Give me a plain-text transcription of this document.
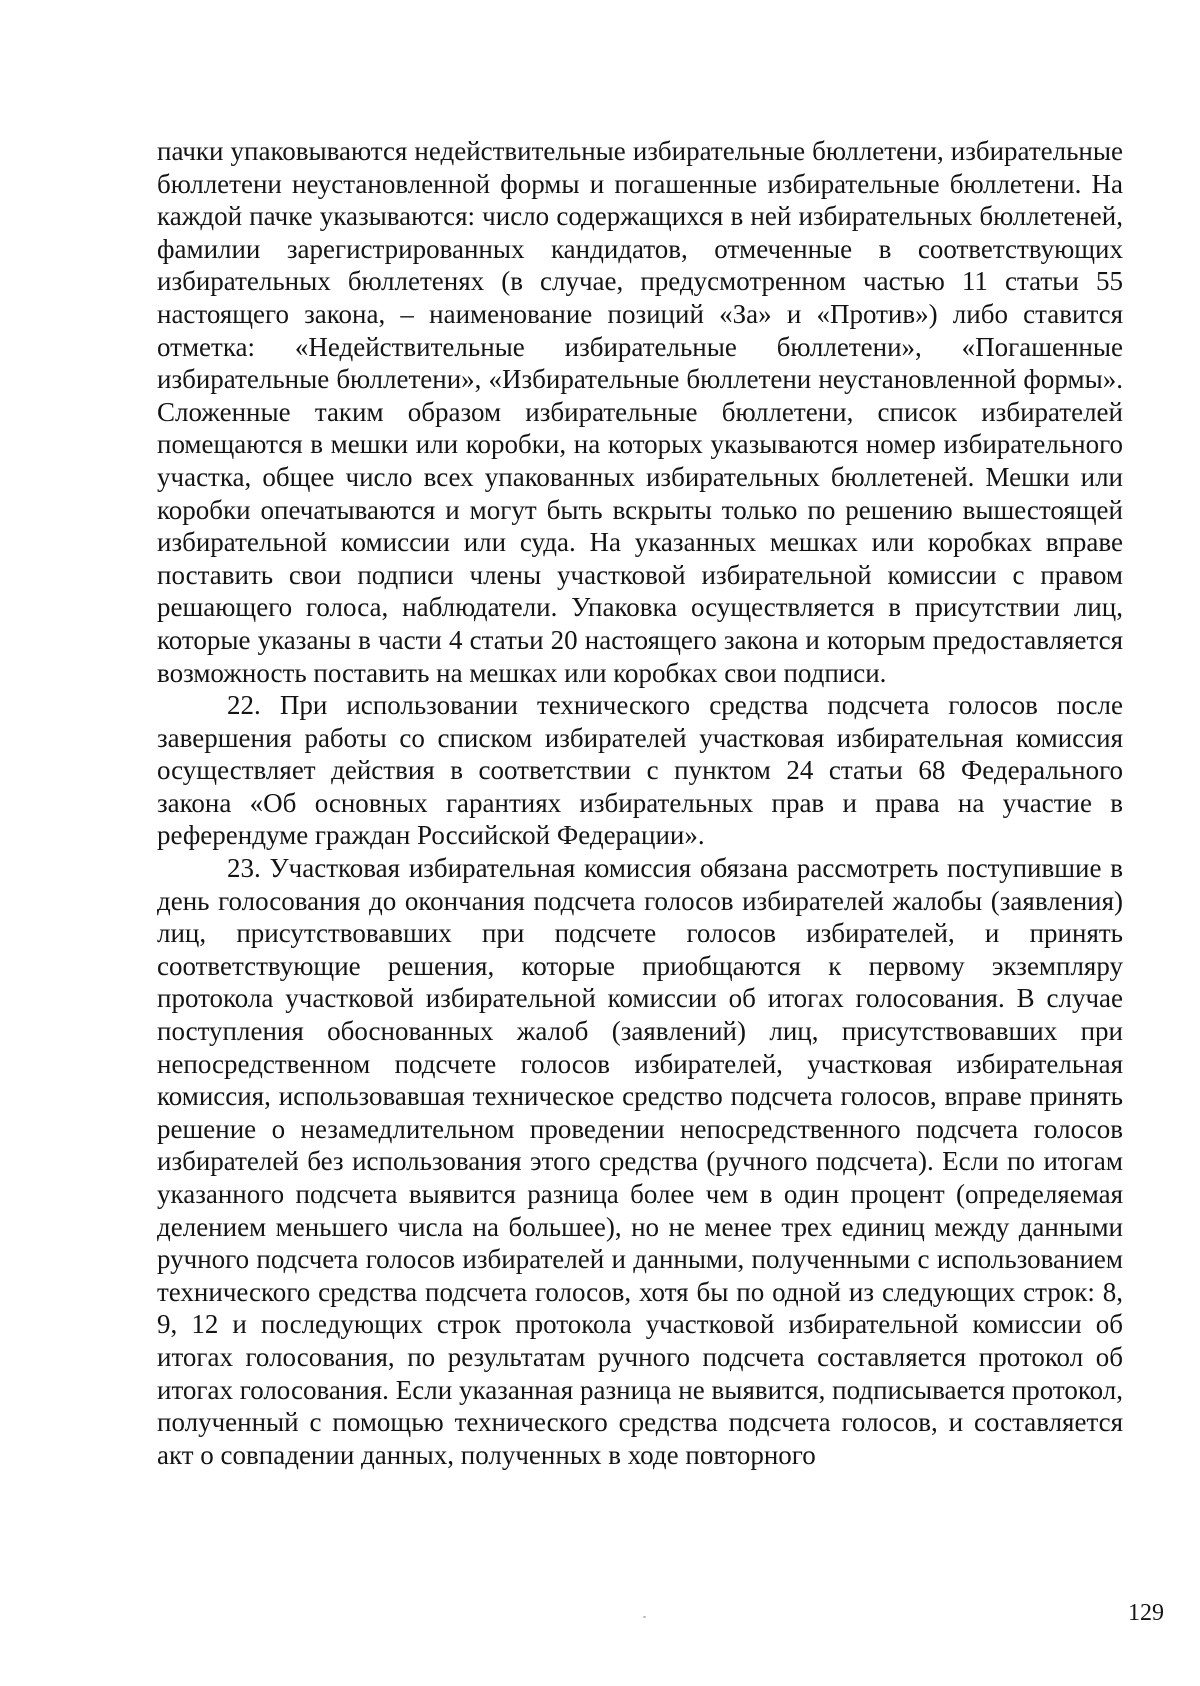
пачки упаковываются недействительные избирательные бюллетени, избирательные бюллетени неустановленной формы и погашенные избирательные бюллетени. На каждой пачке указываются: число содержащихся в ней избирательных бюллетеней, фамилии зарегистрированных кандидатов, отмеченные в соответствующих избирательных бюллетенях (в случае, предусмотренном частью 11 статьи 55 настоящего закона, – наименование позиций «За» и «Против») либо ставится отметка: «Недействительные избирательные бюллетени», «Погашенные избирательные бюллетени», «Избирательные бюллетени неустановленной формы». Сложенные таким образом избирательные бюллетени, список избирателей помещаются в мешки или коробки, на которых указываются номер избирательного участка, общее число всех упакованных избирательных бюллетеней. Мешки или коробки опечатываются и могут быть вскрыты только по решению вышестоящей избирательной комиссии или суда. На указанных мешках или коробках вправе поставить свои подписи члены участковой избирательной комиссии с правом решающего голоса, наблюдатели. Упаковка осуществляется в присутствии лиц, которые указаны в части 4 статьи 20 настоящего закона и которым предоставляется возможность поставить на мешках или коробках свои подписи.

22. При использовании технического средства подсчета голосов после завершения работы со списком избирателей участковая избирательная комиссия осуществляет действия в соответствии с пунктом 24 статьи 68 Федерального закона «Об основных гарантиях избирательных прав и права на участие в референдуме граждан Российской Федерации».

23. Участковая избирательная комиссия обязана рассмотреть поступившие в день голосования до окончания подсчета голосов избирателей жалобы (заявления) лиц, присутствовавших при подсчете голосов избирателей, и принять соответствующие решения, которые приобщаются к первому экземпляру протокола участковой избирательной комиссии об итогах голосования. В случае поступления обоснованных жалоб (заявлений) лиц, присутствовавших при непосредственном подсчете голосов избирателей, участковая избирательная комиссия, использовавшая техническое средство подсчета голосов, вправе принять решение о незамедлительном проведении непосредственного подсчета голосов избирателей без использования этого средства (ручного подсчета). Если по итогам указанного подсчета выявится разница более чем в один процент (определяемая делением меньшего числа на большее), но не менее трех единиц между данными ручного подсчета голосов избирателей и данными, полученными с использованием технического средства подсчета голосов, хотя бы по одной из следующих строк: 8, 9, 12 и последующих строк протокола участковой избирательной комиссии об итогах голосования, по результатам ручного подсчета составляется протокол об итогах голосования. Если указанная разница не выявится, подписывается протокол, полученный с помощью технического средства подсчета голосов, и составляется акт о совпадении данных, полученных в ходе повторного

129
